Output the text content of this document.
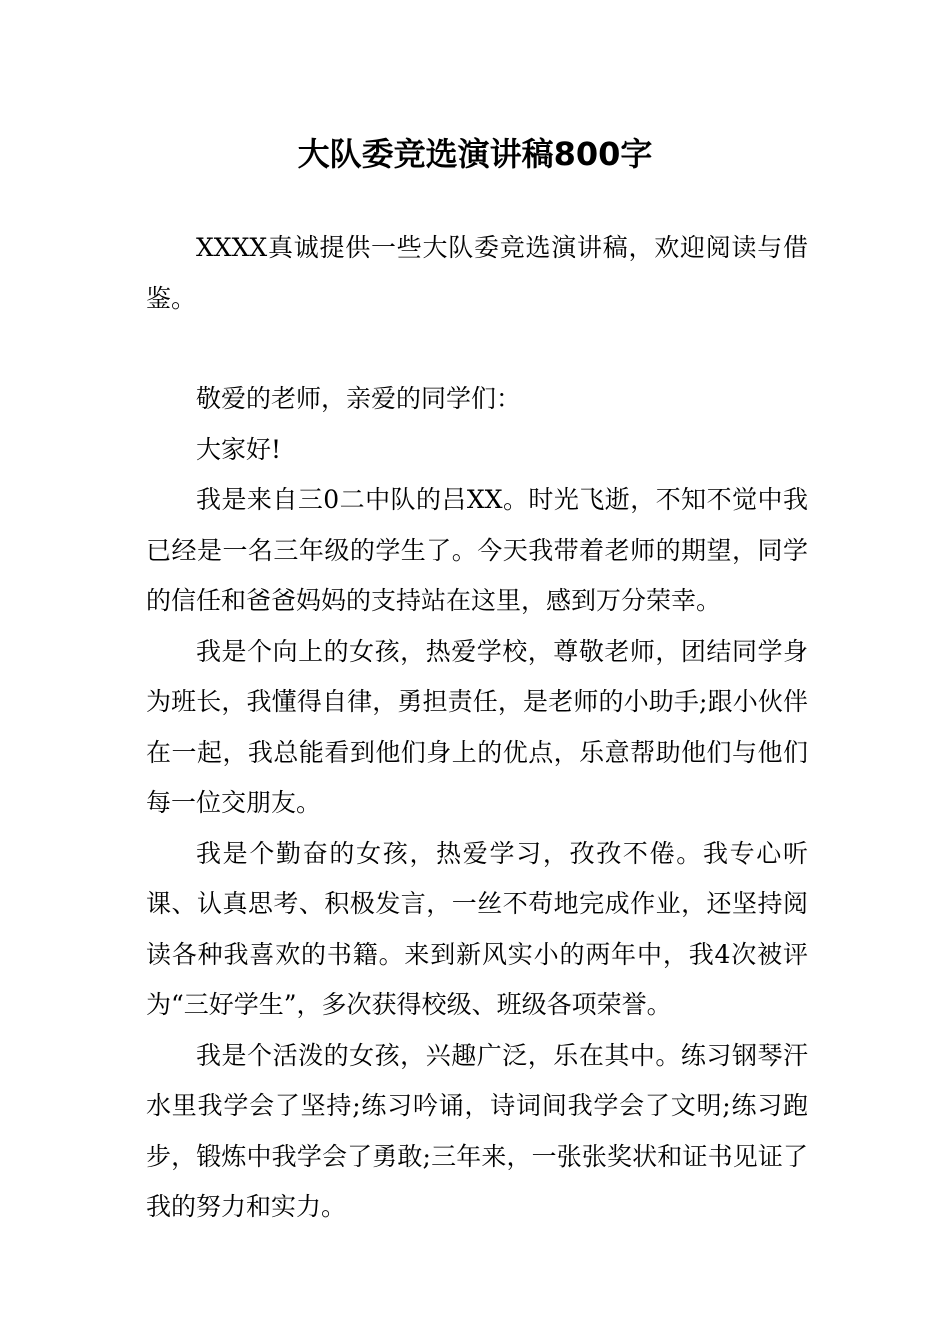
大队委竞选演讲稿800字

XXXX真诚提供一些大队委竞选演讲稿，欢迎阅读与借鉴。

敬爱的老师，亲爱的同学们：

大家好!

我是来自三0二中队的吕XX。时光飞逝，不知不觉中我已经是一名三年级的学生了。今天我带着老师的期望，同学的信任和爸爸妈妈的支持站在这里，感到万分荣幸。

我是个向上的女孩，热爱学校，尊敬老师，团结同学身为班长，我懂得自律，勇担责任，是老师的小助手;跟小伙伴在一起，我总能看到他们身上的优点，乐意帮助他们与他们每一位交朋友。

我是个勤奋的女孩，热爱学习，孜孜不倦。我专心听课、认真思考、积极发言，一丝不苟地完成作业，还坚持阅读各种我喜欢的书籍。来到新风实小的两年中，我4次被评为“三好学生”，多次获得校级、班级各项荣誉。

我是个活泼的女孩，兴趣广泛，乐在其中。练习钢琴汗水里我学会了坚持;练习吟诵，诗词间我学会了文明;练习跑步，锻炼中我学会了勇敢;三年来，一张张奖状和证书见证了我的努力和实力。
